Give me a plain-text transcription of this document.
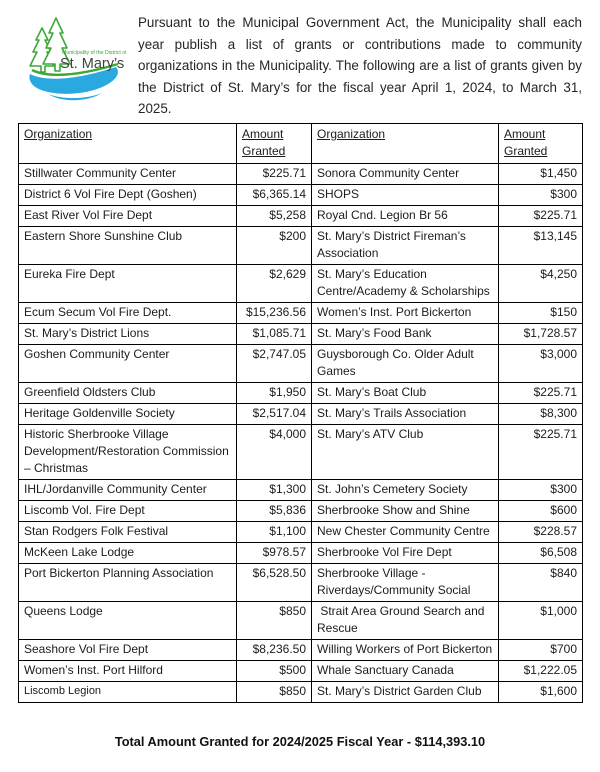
Municipality of the District of
St. Mary’s

Pursuant to the Municipal Government Act, the Municipality shall each year publish a list of grants or contributions made to community organizations in the Municipality. The following are a list of grants given by the District of St. Mary’s for the fiscal year April 1, 2024, to March 31, 2025.

Organization	Amount Granted	Organization	Amount Granted
Stillwater Community Center	$225.71	Sonora Community Center	$1,450
District 6 Vol Fire Dept (Goshen)	$6,365.14	SHOPS	$300
East River Vol Fire Dept	$5,258	Royal Cnd. Legion Br 56	$225.71
Eastern Shore Sunshine Club	$200	St. Mary’s District Fireman’s Association	$13,145
Eureka Fire Dept	$2,629	St. Mary’s Education Centre/Academy & Scholarships	$4,250
Ecum Secum Vol Fire Dept.	$15,236.56	Women’s Inst. Port Bickerton	$150
St. Mary’s District Lions	$1,085.71	St. Mary’s Food Bank	$1,728.57
Goshen Community Center	$2,747.05	Guysborough Co. Older Adult Games	$3,000
Greenfield Oldsters Club	$1,950	St. Mary’s Boat Club	$225.71
Heritage Goldenville Society	$2,517.04	St. Mary’s Trails Association	$8,300
Historic Sherbrooke Village Development/Restoration Commission – Christmas	$4,000	St. Mary’s ATV Club	$225.71
IHL/Jordanville Community Center	$1,300	St. John’s Cemetery Society	$300
Liscomb Vol. Fire Dept	$5,836	Sherbrooke Show and Shine	$600
Stan Rodgers Folk Festival	$1,100	New Chester Community Centre	$228.57
McKeen Lake Lodge	$978.57	Sherbrooke Vol Fire Dept	$6,508
Port Bickerton Planning Association	$6,528.50	Sherbrooke Village - Riverdays/Community Social	$840
Queens Lodge	$850	Strait Area Ground Search and Rescue	$1,000
Seashore Vol Fire Dept	$8,236.50	Willing Workers of Port Bickerton	$700
Women’s Inst. Port Hilford	$500	Whale Sanctuary Canada	$1,222.05
Liscomb Legion	$850	St. Mary’s District Garden Club	$1,600
Total Amount Granted for 2024/2025 Fiscal Year - $114,393.10
